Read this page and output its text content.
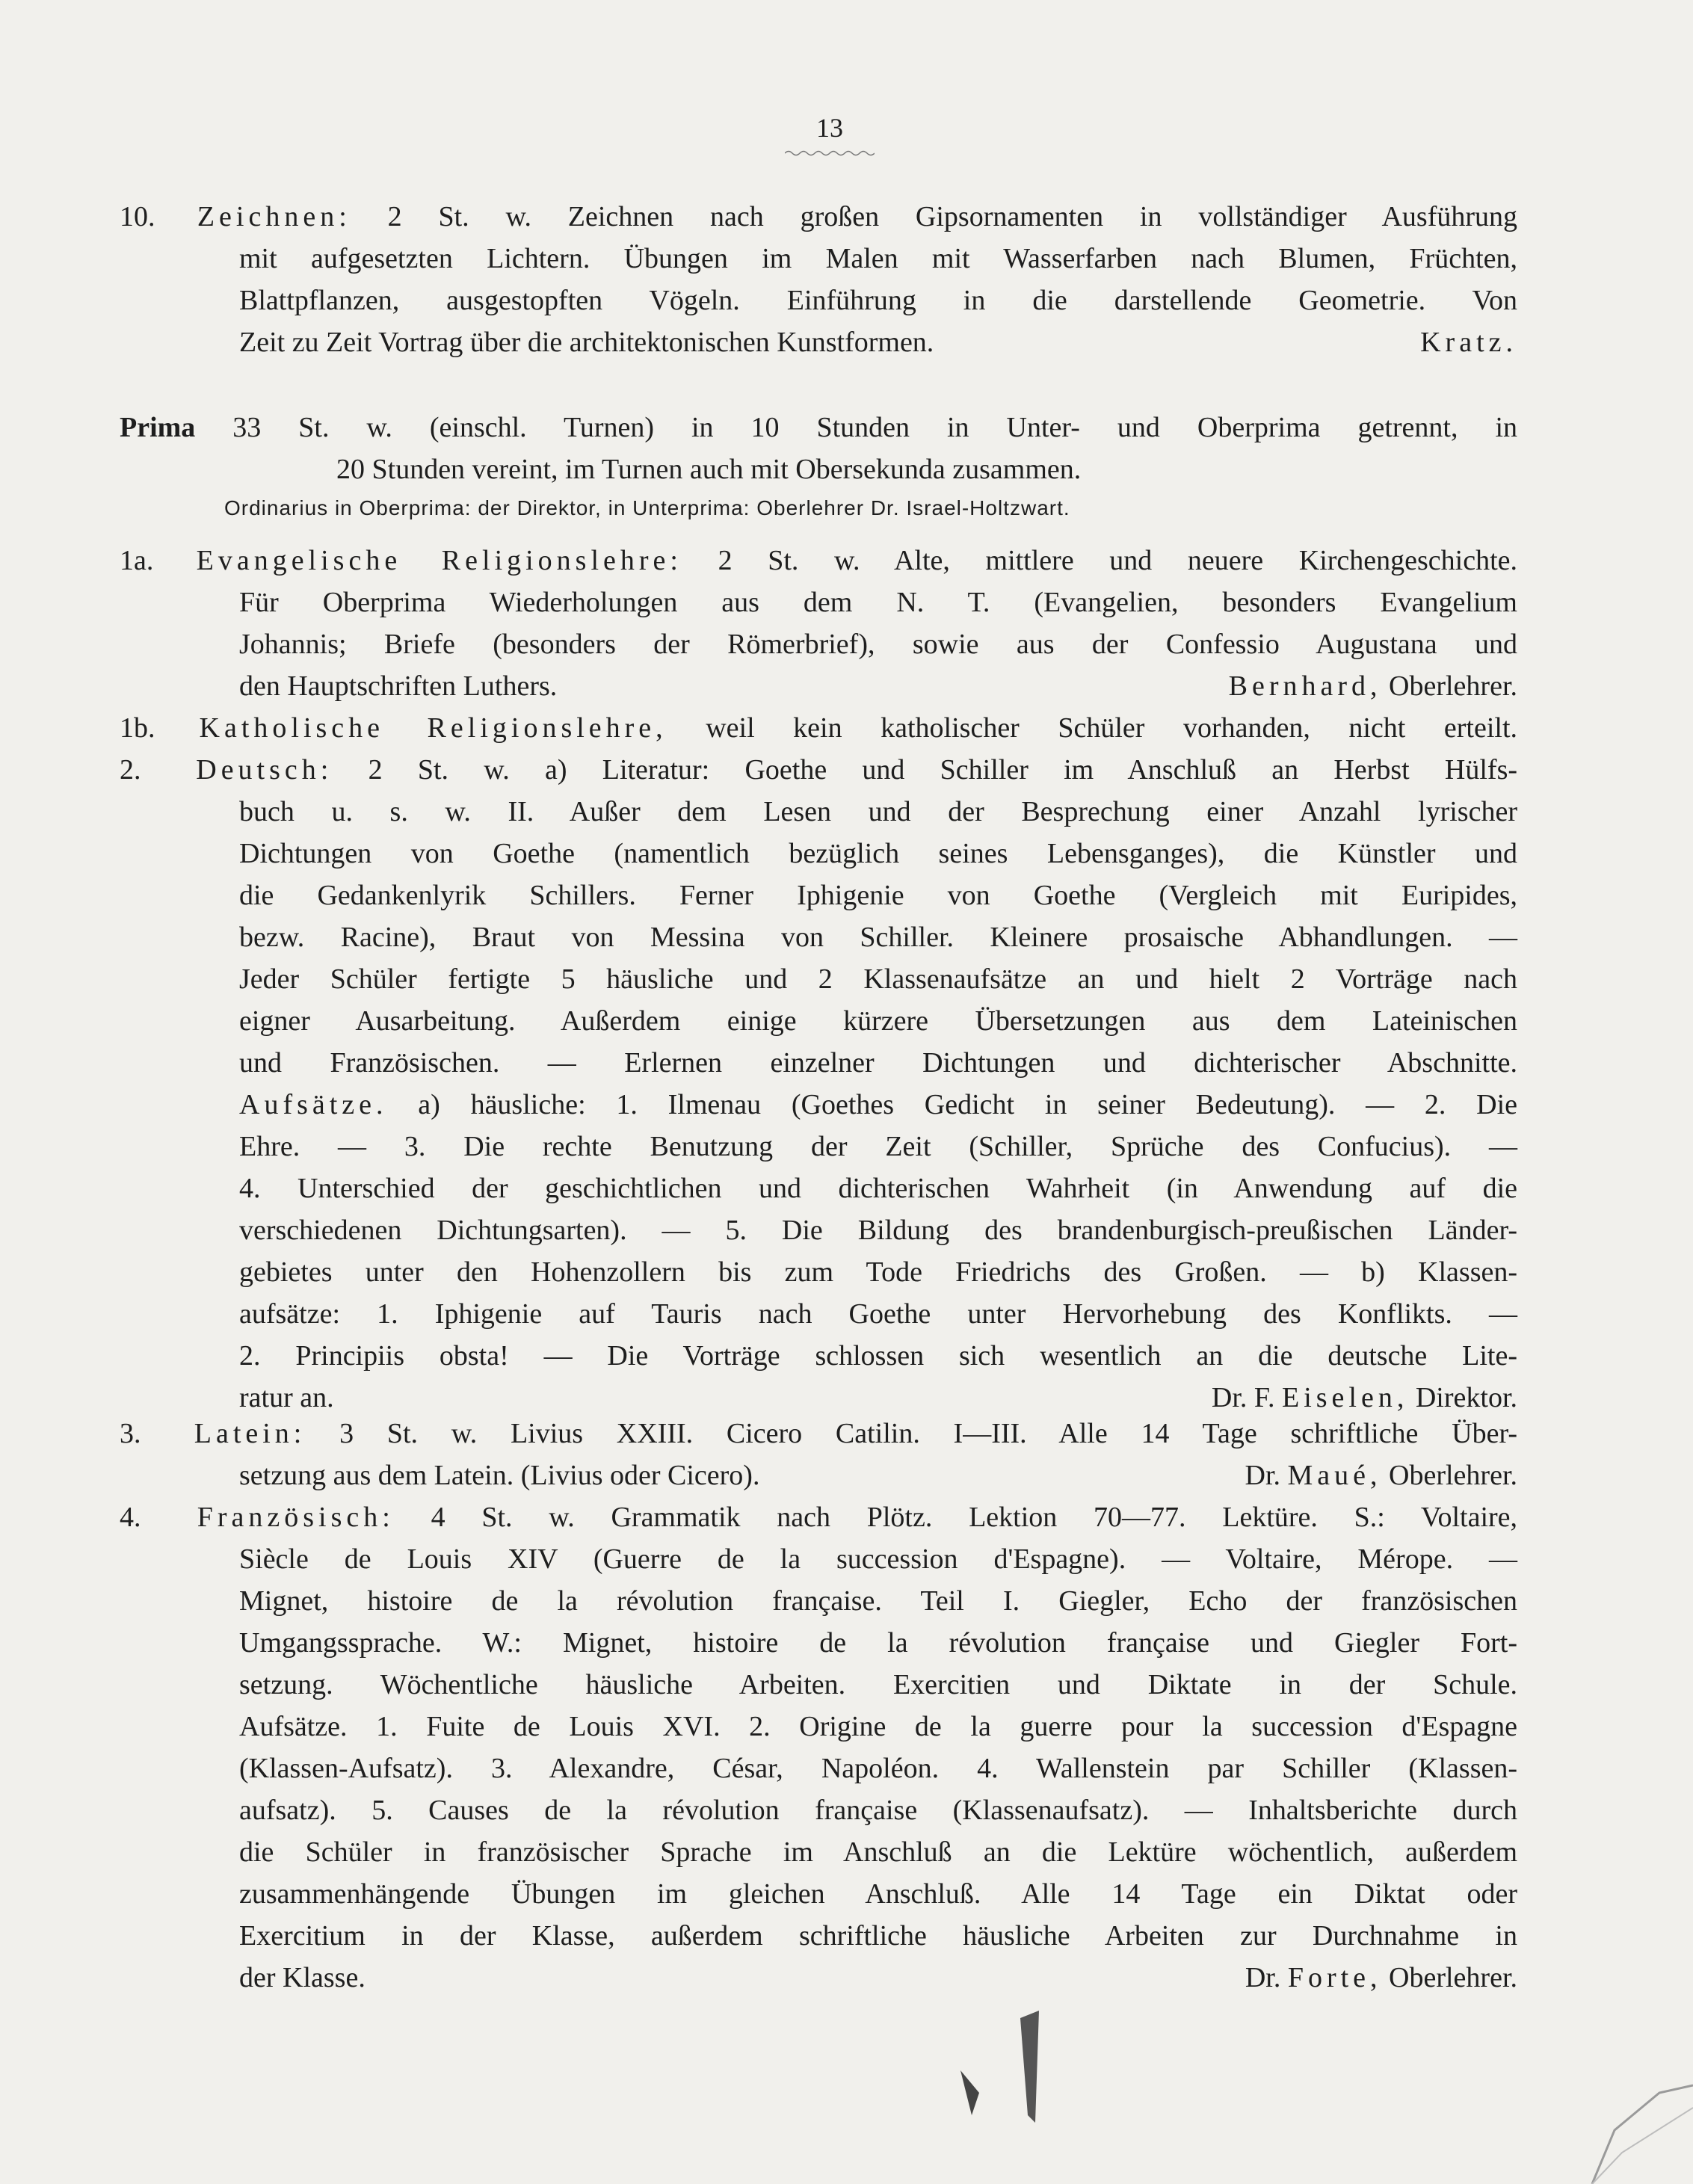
13
10. Zeichnen: 2 St. w. Zeichnen nach großen Gipsornamenten in vollständiger Ausführung
mit aufgesetzten Lichtern. Übungen im Malen mit Wasserfarben nach Blumen, Früchten,
Blattpflanzen, ausgestopften Vögeln. Einführung in die darstellende Geometrie. Von
Zeit zu Zeit Vortrag über die architektonischen Kunstformen.	Kratz.
Prima 33 St. w. (einschl. Turnen) in 10 Stunden in Unter- und Oberprima getrennt, in
20 Stunden vereint, im Turnen auch mit Obersekunda zusammen.
Ordinarius in Oberprima: der Direktor, in Unterprima: Oberlehrer Dr. Israel-Holtzwart.
1a. Evangelische Religionslehre: 2 St. w. Alte, mittlere und neuere Kirchengeschichte.
Für Oberprima Wiederholungen aus dem N. T. (Evangelien, besonders Evangelium
Johannis; Briefe (besonders der Römerbrief), sowie aus der Confessio Augustana und
den Hauptschriften Luthers.	Bernhard, Oberlehrer.
1b. Katholische Religionslehre, weil kein katholischer Schüler vorhanden, nicht erteilt.
2. Deutsch: 2 St. w. a) Literatur: Goethe und Schiller im Anschluß an Herbst Hülfs-
buch u. s. w. II. Außer dem Lesen und der Besprechung einer Anzahl lyrischer
Dichtungen von Goethe (namentlich bezüglich seines Lebensganges), die Künstler und
die Gedankenlyrik Schillers. Ferner Iphigenie von Goethe (Vergleich mit Euripides,
bezw. Racine), Braut von Messina von Schiller. Kleinere prosaische Abhandlungen. —
Jeder Schüler fertigte 5 häusliche und 2 Klassenaufsätze an und hielt 2 Vorträge nach
eigner Ausarbeitung. Außerdem einige kürzere Übersetzungen aus dem Lateinischen
und Französischen. — Erlernen einzelner Dichtungen und dichterischer Abschnitte.
Aufsätze. a) häusliche: 1. Ilmenau (Goethes Gedicht in seiner Bedeutung). — 2. Die
Ehre. — 3. Die rechte Benutzung der Zeit (Schiller, Sprüche des Confucius). —
4. Unterschied der geschichtlichen und dichterischen Wahrheit (in Anwendung auf die
verschiedenen Dichtungsarten). — 5. Die Bildung des brandenburgisch-preußischen Länder-
gebietes unter den Hohenzollern bis zum Tode Friedrichs des Großen. — b) Klassen-
aufsätze: 1. Iphigenie auf Tauris nach Goethe unter Hervorhebung des Konflikts. —
2. Principiis obsta! — Die Vorträge schlossen sich wesentlich an die deutsche Lite-
ratur an.	Dr. F. Eiselen, Direktor.
3. Latein: 3 St. w. Livius XXIII. Cicero Catilin. I—III. Alle 14 Tage schriftliche Über-
setzung aus dem Latein. (Livius oder Cicero).	Dr. Maué, Oberlehrer.
4. Französisch: 4 St. w. Grammatik nach Plötz. Lektion 70—77. Lektüre. S.: Voltaire,
Siècle de Louis XIV (Guerre de la succession d'Espagne). — Voltaire, Mérope. —
Mignet, histoire de la révolution française. Teil I. Giegler, Echo der französischen
Umgangssprache. W.: Mignet, histoire de la révolution française und Giegler Fort-
setzung. Wöchentliche häusliche Arbeiten. Exercitien und Diktate in der Schule.
Aufsätze. 1. Fuite de Louis XVI. 2. Origine de la guerre pour la succession d'Espagne
(Klassen-Aufsatz). 3. Alexandre, César, Napoléon. 4. Wallenstein par Schiller (Klassen-
aufsatz). 5. Causes de la révolution française (Klassenaufsatz). — Inhaltsberichte durch
die Schüler in französischer Sprache im Anschluß an die Lektüre wöchentlich, außerdem
zusammenhängende Übungen im gleichen Anschluß. Alle 14 Tage ein Diktat oder
Exercitium in der Klasse, außerdem schriftliche häusliche Arbeiten zur Durchnahme in
der Klasse.	Dr. Forte, Oberlehrer.
